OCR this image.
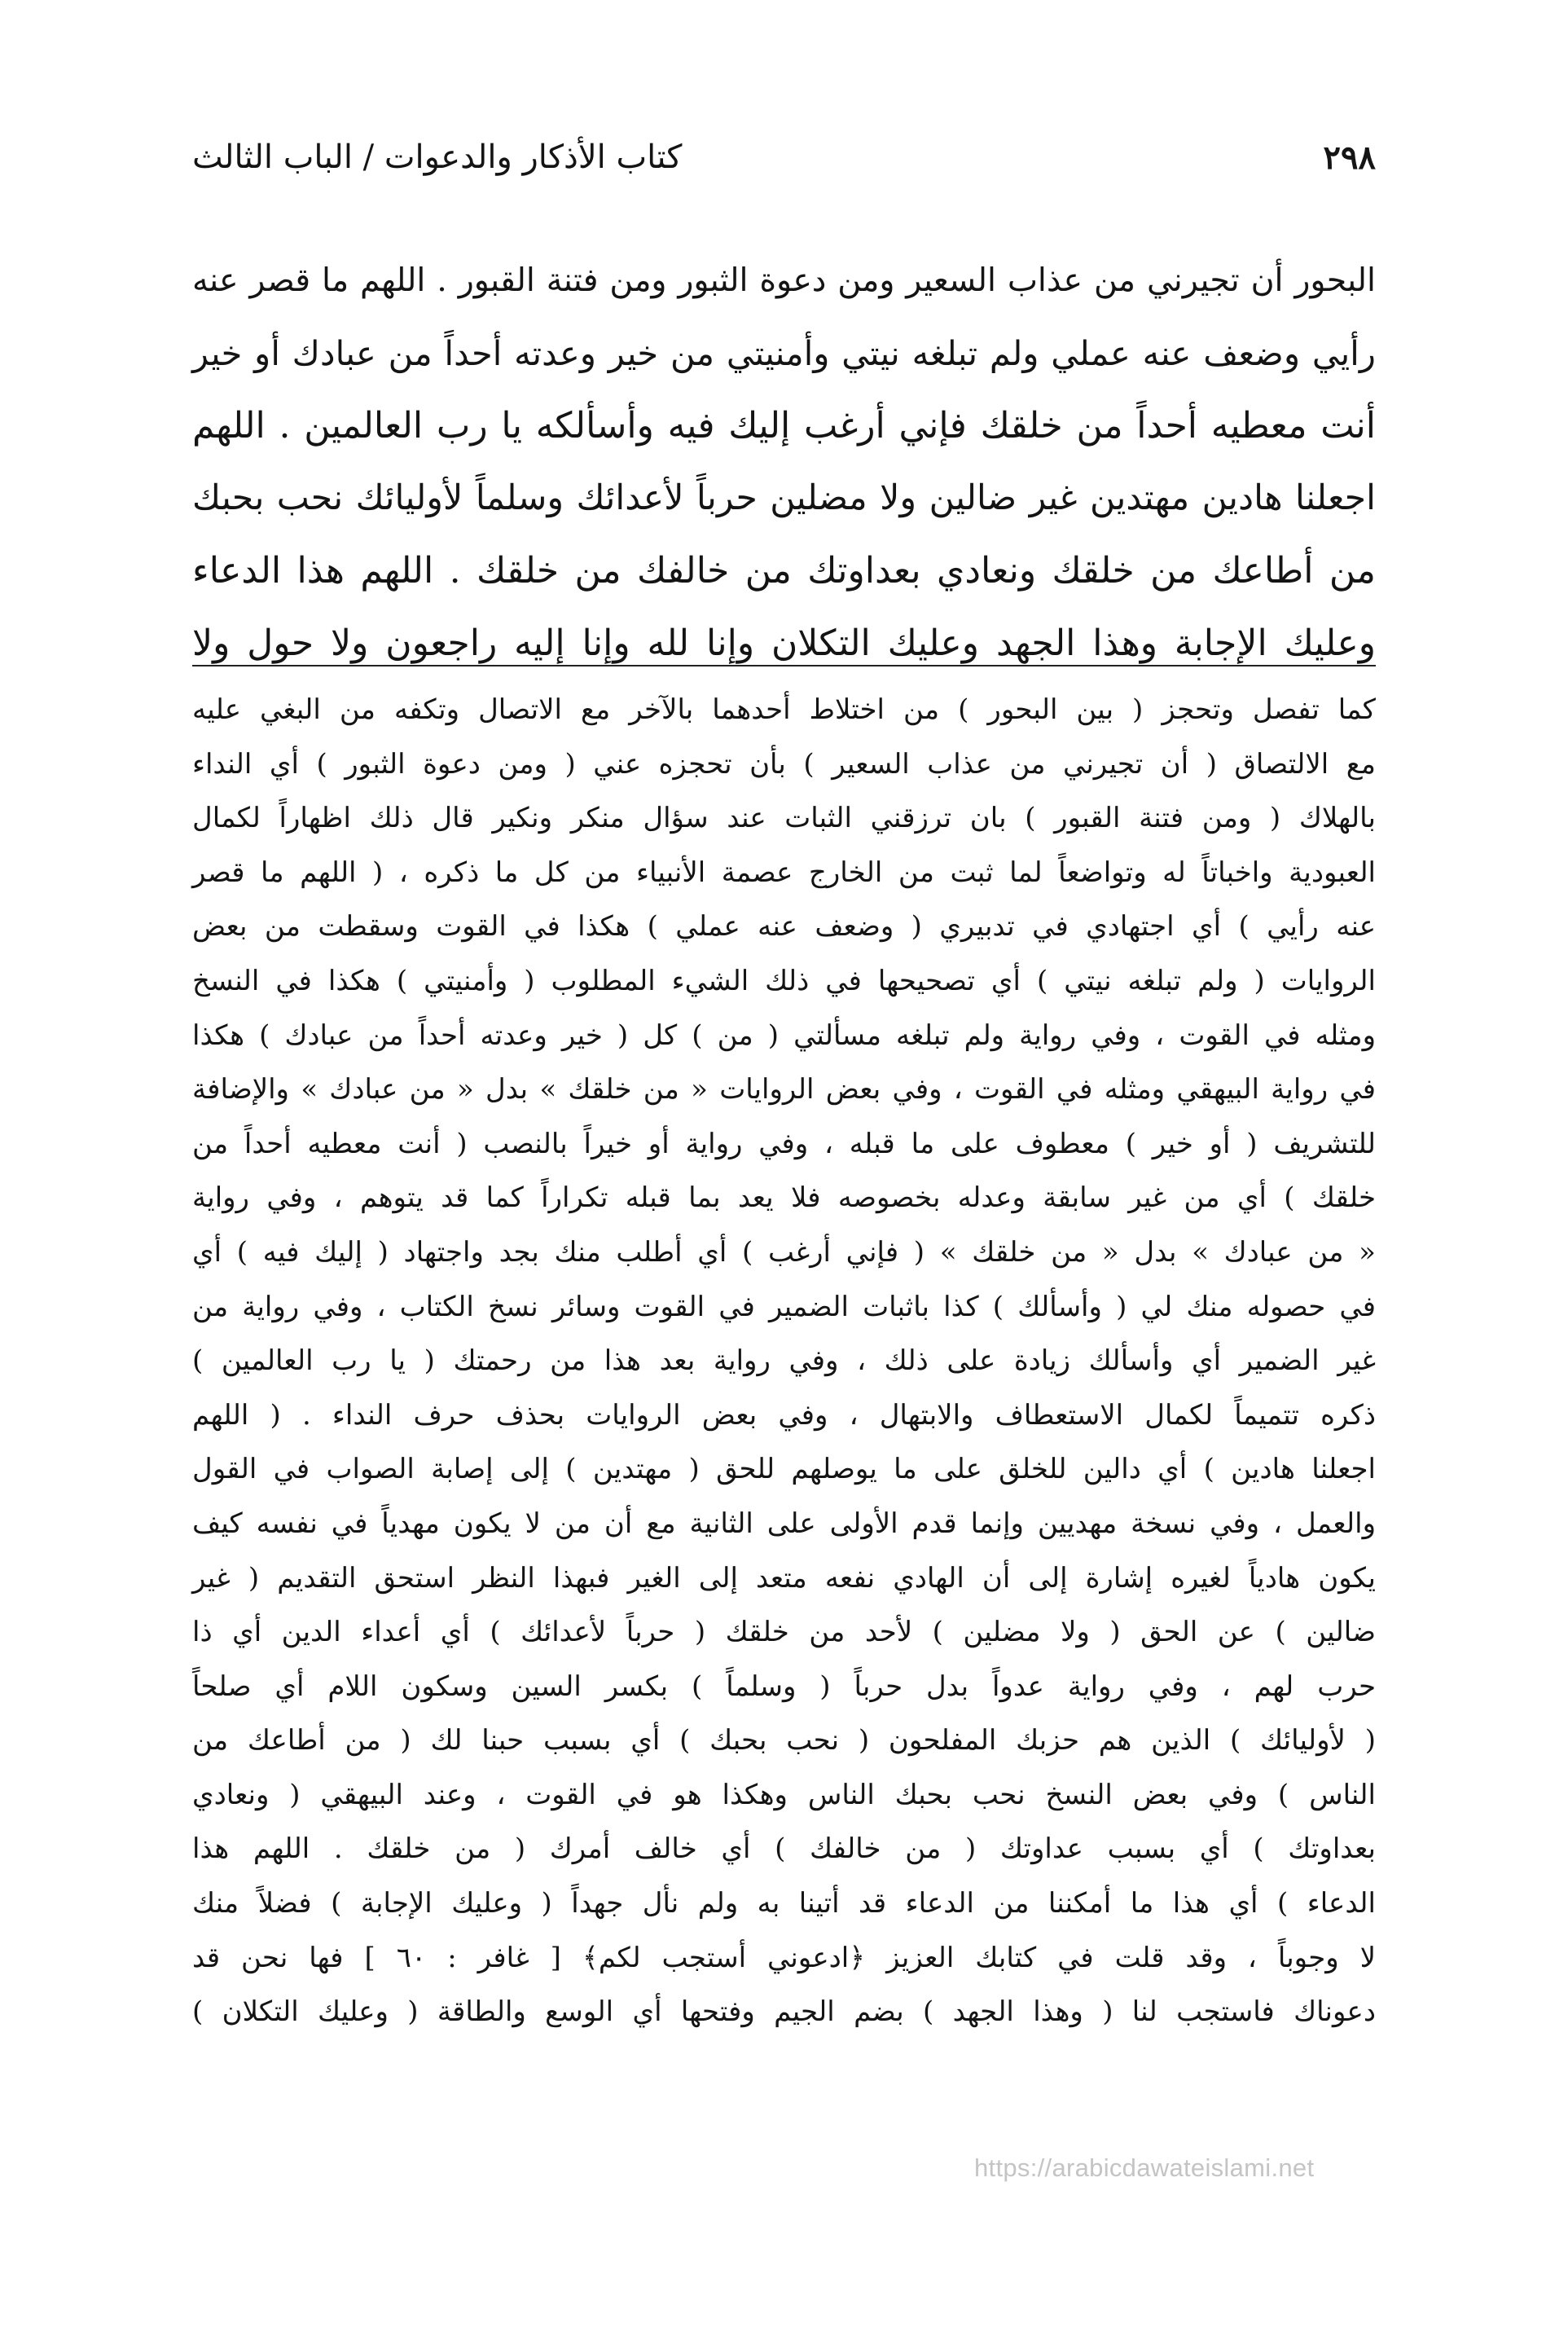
٢٩٨
كتاب الأذكار والدعوات / الباب الثالث
البحور أن تجيرني من عذاب السعير ومن دعوة الثبور ومن فتنة القبور . اللهم ما قصر عنه
رأيي وضعف عنه عملي ولم تبلغه نيتي وأمنيتي من خير وعدته أحداً من عبادك أو خير
أنت معطيه أحداً من خلقك فإني أرغب إليك فيه وأسألكه يا رب العالمين . اللهم
اجعلنا هادين مهتدين غير ضالين ولا مضلين حرباً لأعدائك وسلماً لأوليائك نحب بحبك
من أطاعك من خلقك ونعادي بعداوتك من خالفك من خلقك . اللهم هذا الدعاء
وعليك الإجابة وهذا الجهد وعليك التكلان وإنا لله وإنا إليه راجعون ولا حول ولا
كما تفصل وتحجز ( بين البحور ) من اختلاط أحدهما بالآخر مع الاتصال وتكفه من البغي عليه
مع الالتصاق ( أن تجيرني من عذاب السعير ) بأن تحجزه عني ( ومن دعوة الثبور ) أي النداء
بالهلاك ( ومن فتنة القبور ) بان ترزقني الثبات عند سؤال منكر ونكير قال ذلك اظهاراً لكمال
العبودية واخباتاً له وتواضعاً لما ثبت من الخارج عصمة الأنبياء من كل ما ذكره ، ( اللهم ما قصر
عنه رأيي ) أي اجتهادي في تدبيري ( وضعف عنه عملي ) هكذا في القوت وسقطت من بعض
الروايات ( ولم تبلغه نيتي ) أي تصحيحها في ذلك الشيء المطلوب ( وأمنيتي ) هكذا في النسخ
ومثله في القوت ، وفي رواية ولم تبلغه مسألتي ( من ) كل ( خير وعدته أحداً من عبادك ) هكذا
في رواية البيهقي ومثله في القوت ، وفي بعض الروايات « من خلقك » بدل « من عبادك » والإضافة
للتشريف ( أو خير ) معطوف على ما قبله ، وفي رواية أو خيراً بالنصب ( أنت معطيه أحداً من
خلقك ) أي من غير سابقة وعدله بخصوصه فلا يعد بما قبله تكراراً كما قد يتوهم ، وفي رواية
« من عبادك » بدل « من خلقك » ( فإني أرغب ) أي أطلب منك بجد واجتهاد ( إليك فيه ) أي
في حصوله منك لي ( وأسألك ) كذا باثبات الضمير في القوت وسائر نسخ الكتاب ، وفي رواية من
غير الضمير أي وأسألك زيادة على ذلك ، وفي رواية بعد هذا من رحمتك ( يا رب العالمين )
ذكره تتميماً لكمال الاستعطاف والابتهال ، وفي بعض الروايات بحذف حرف النداء . ( اللهم
اجعلنا هادين ) أي دالين للخلق على ما يوصلهم للحق ( مهتدين ) إلى إصابة الصواب في القول
والعمل ، وفي نسخة مهديين وإنما قدم الأولى على الثانية مع أن من لا يكون مهدياً في نفسه كيف
يكون هادياً لغيره إشارة إلى أن الهادي نفعه متعد إلى الغير فبهذا النظر استحق التقديم ( غير
ضالين ) عن الحق ( ولا مضلين ) لأحد من خلقك ( حرباً لأعدائك ) أي أعداء الدين أي ذا
حرب لهم ، وفي رواية عدواً بدل حرباً ( وسلماً ) بكسر السين وسكون اللام أي صلحاً
( لأوليائك ) الذين هم حزبك المفلحون ( نحب بحبك ) أي بسبب حبنا لك ( من أطاعك من
الناس ) وفي بعض النسخ نحب بحبك الناس وهكذا هو في القوت ، وعند البيهقي ( ونعادي
بعداوتك ) أي بسبب عداوتك ( من خالفك ) أي خالف أمرك ( من خلقك . اللهم هذا
الدعاء ) أي هذا ما أمكننا من الدعاء قد أتينا به ولم نأل جهداً ( وعليك الإجابة ) فضلاً منك
لا وجوباً ، وقد قلت في كتابك العزيز ﴿ادعوني أستجب لكم﴾ [ غافر : ٦٠ ] فها نحن قد
دعوناك فاستجب لنا ( وهذا الجهد ) بضم الجيم وفتحها أي الوسع والطاقة ( وعليك التكلان )
https://arabicdawateislami.net
